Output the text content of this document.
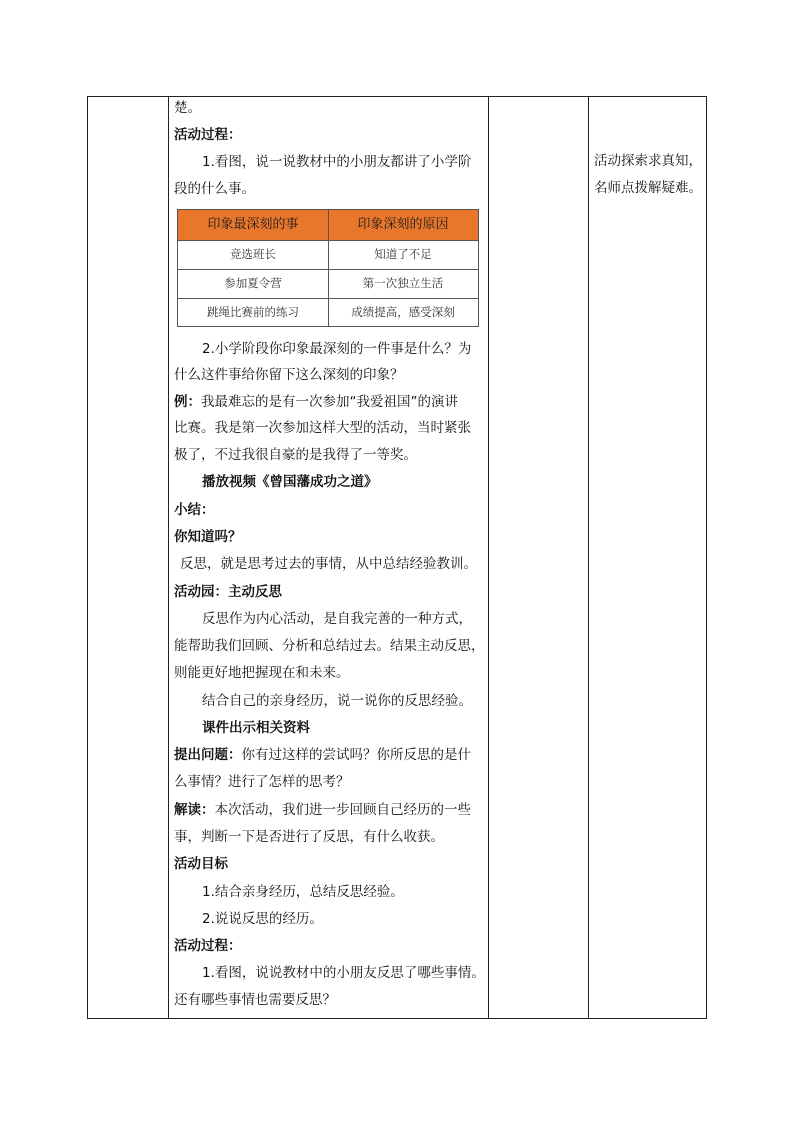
楚。
活动过程：
1.看图，说一说教材中的小朋友都讲了小学阶
段的什么事。
印象最深刻的事	印象深刻的原因
竞选班长	知道了不足
参加夏令营	第一次独立生活
跳绳比赛前的练习	成绩提高，感受深刻
2.小学阶段你印象最深刻的一件事是什么？为
什么这件事给你留下这么深刻的印象？
例：我最难忘的是有一次参加“我爱祖国”的演讲
比赛。我是第一次参加这样大型的活动，当时紧张
极了，不过我很自豪的是我得了一等奖。
播放视频《曾国藩成功之道》
小结：
你知道吗？
反思，就是思考过去的事情，从中总结经验教训。
活动园：主动反思
反思作为内心活动，是自我完善的一种方式，
能帮助我们回顾、分析和总结过去。结果主动反思，
则能更好地把握现在和未来。
结合自己的亲身经历，说一说你的反思经验。
课件出示相关资料
提出问题：你有过这样的尝试吗？你所反思的是什
么事情？进行了怎样的思考？
解读：本次活动，我们进一步回顾自己经历的一些
事，判断一下是否进行了反思，有什么收获。
活动目标
1.结合亲身经历，总结反思经验。
2.说说反思的经历。
活动过程：
1.看图，说说教材中的小朋友反思了哪些事情。
还有哪些事情也需要反思？
活动探索求真知，
名师点拨解疑难。
